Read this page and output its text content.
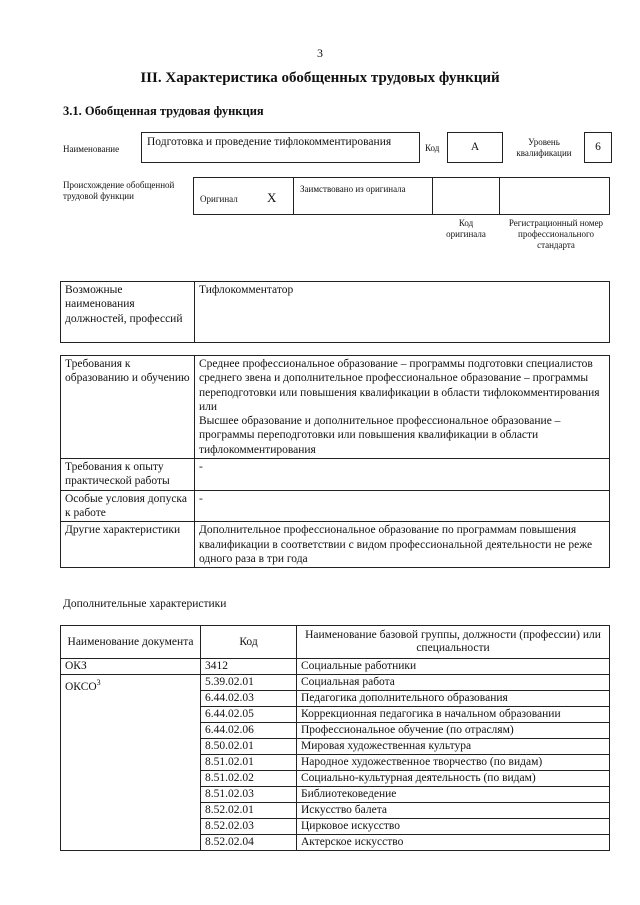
3
III. Характеристика обобщенных трудовых функций
3.1. Обобщенная трудовая функция
Наименование
Подготовка и проведение тифлокомментирования	Код	A	Уровень квалификации	6
Происхождение обобщенной трудовой функции	Оригинал X
Заимствовано из оригинала
Код оригинала
Регистрационный номер профессионального стандарта
Возможные наименования должностей, профессий	Тифлокомментатор
Требования к образованию и обучению	Среднее профессиональное образование – программы подготовки специалистов среднего звена и дополнительное профессиональное образование – программы переподготовки или повышения квалификации в области тифлокомментирования
или
Высшее образование и дополнительное профессиональное образование – программы переподготовки или повышения квалификации в области тифлокомментирования
Требования к опыту практической работы	-
Особые условия допуска к работе	-
Другие характеристики	Дополнительное профессиональное образование по программам повышения квалификации в соответствии с видом профессиональной деятельности не реже одного раза в три года
Дополнительные характеристики
Наименование документа	Код	Наименование базовой группы, должности (профессии) или специальности
ОКЗ	3412	Социальные работники
ОКСО$^3$	5.39.02.01	Социальная работа
	6.44.02.03	Педагогика дополнительного образования
	6.44.02.05	Коррекционная педагогика в начальном образовании
	6.44.02.06	Профессиональное обучение (по отраслям)
	8.50.02.01	Мировая художественная культура
	8.51.02.01	Народное художественное творчество (по видам)
	8.51.02.02	Социально-культурная деятельность (по видам)
	8.51.02.03	Библиотековедение
	8.52.02.01	Искусство балета
	8.52.02.03	Цирковое искусство
	8.52.02.04	Актерское искусство
